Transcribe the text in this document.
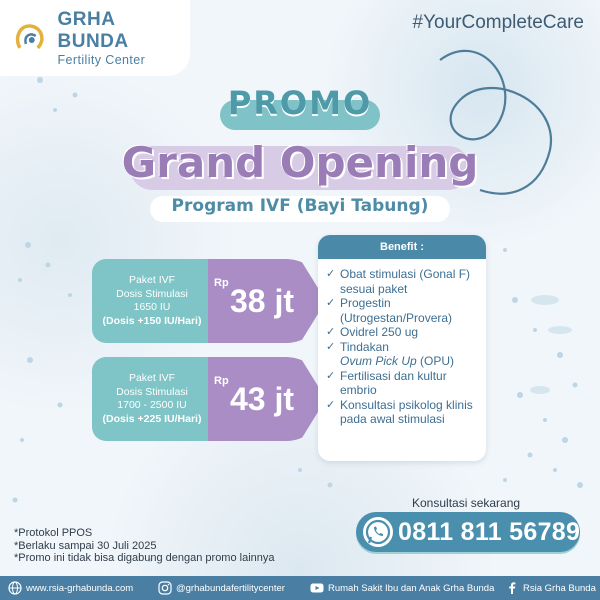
GRHA BUNDA
Fertility Center
#YourCompleteCare
PROMO
Grand Opening
Program IVF (Bayi Tabung)
Paket IVF
Dosis Stimulasi
1650 IU
(Dosis +150 IU/Hari)
Rp 38 jt
Paket IVF
Dosis Stimulasi
1700 - 2500 IU
(Dosis +225 IU/Hari)
Rp 43 jt
Benefit :
✓ Obat stimulasi (Gonal F) sesuai paket
✓ Progestin (Utrogestan/Provera)
✓ Ovidrel 250 ug
✓ Tindakan
Ovum Pick Up (OPU)
✓ Fertilisasi dan kultur embrio
✓ Konsultasi psikolog klinis pada awal stimulasi
Konsultasi sekarang
0811 811 56789
*Protokol PPOS
*Berlaku sampai 30 Juli 2025
*Promo ini tidak bisa digabung dengan promo lainnya
www.rsia-grhabunda.com	@grhabundafertilitycenter	Rumah Sakit Ibu dan Anak Grha Bunda	Rsia Grha Bunda
